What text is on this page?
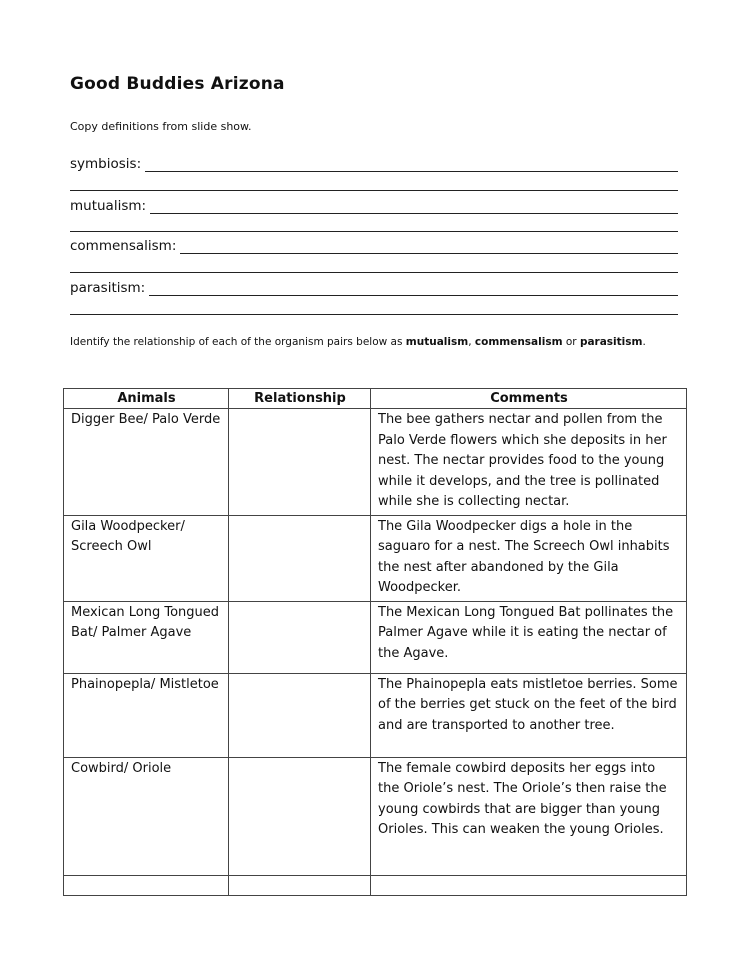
Good Buddies Arizona
Copy definitions from slide show.
symbiosis:
mutualism:
commensalism:
parasitism:
Identify the relationship of each of the organism pairs below as mutualism, commensalism or parasitism.
Animals	Relationship	Comments
Digger Bee/ Palo Verde		The bee gathers nectar and pollen from the Palo Verde flowers which she deposits in her nest. The nectar provides food to the young while it develops, and the tree is pollinated while she is collecting nectar.
Gila Woodpecker/ Screech Owl		The Gila Woodpecker digs a hole in the saguaro for a nest. The Screech Owl inhabits the nest after abandoned by the Gila Woodpecker.
Mexican Long Tongued Bat/ Palmer Agave		The Mexican Long Tongued Bat pollinates the Palmer Agave while it is eating the nectar of the Agave.
Phainopepla/ Mistletoe		The Phainopepla eats mistletoe berries. Some of the berries get stuck on the feet of the bird and are transported to another tree.
Cowbird/ Oriole		The female cowbird deposits her eggs into the Oriole’s nest. The Oriole’s then raise the young cowbirds that are bigger than young Orioles. This can weaken the young Orioles.
